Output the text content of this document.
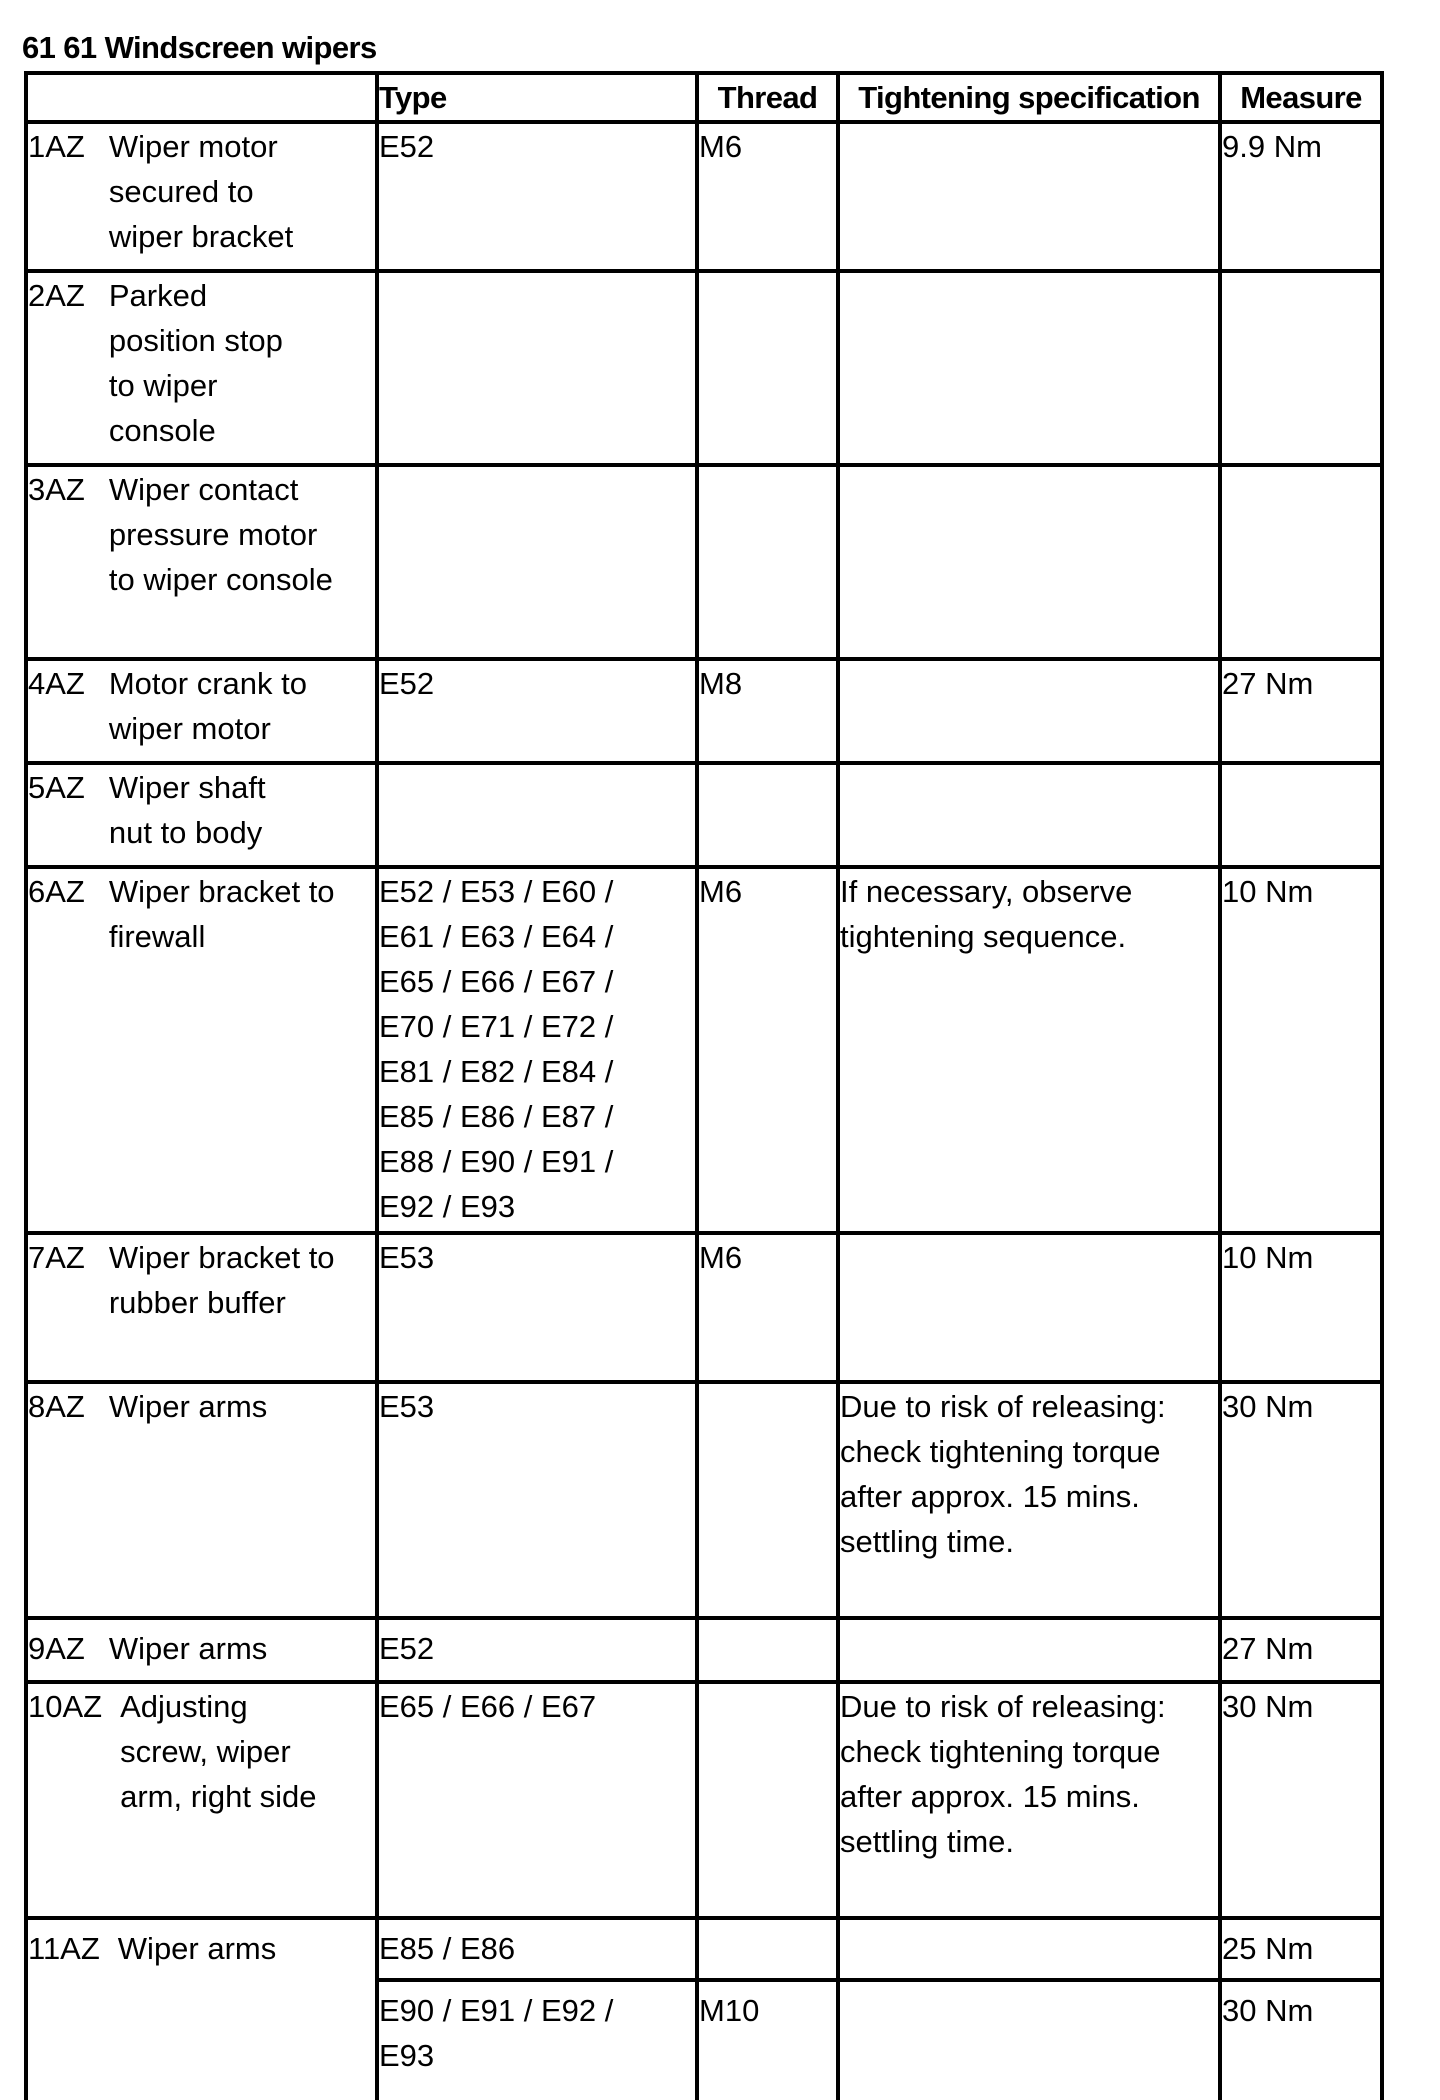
61 61 Windscreen wipers
	Type	Thread	Tightening specification	Measure

1AZ Wiper motor secured to wiper bracket	E52	M6		9.9 Nm

2AZ Parked position stop to wiper console				

3AZ Wiper contact pressure motor to wiper console				

4AZ Motor crank to wiper motor	E52	M8		27 Nm

5AZ Wiper shaft nut to body				

6AZ Wiper bracket to firewall	E52 / E53 / E60 / E61 / E63 / E64 / E65 / E66 / E67 / E70 / E71 / E72 / E81 / E82 / E84 / E85 / E86 / E87 / E88 / E90 / E91 / E92 / E93	M6	If necessary, observe tightening sequence.	10 Nm

7AZ Wiper bracket to rubber buffer	E53	M6		10 Nm

8AZ Wiper arms	E53		Due to risk of releasing: check tightening torque after approx. 15 mins. settling time.	30 Nm

9AZ Wiper arms	E52			27 Nm

10AZ Adjusting screw, wiper arm, right side	E65 / E66 / E67		Due to risk of releasing: check tightening torque after approx. 15 mins. settling time.	30 Nm

11AZ Wiper arms	E85 / E86			25 Nm
	E90 / E91 / E92 / E93	M10		30 Nm
